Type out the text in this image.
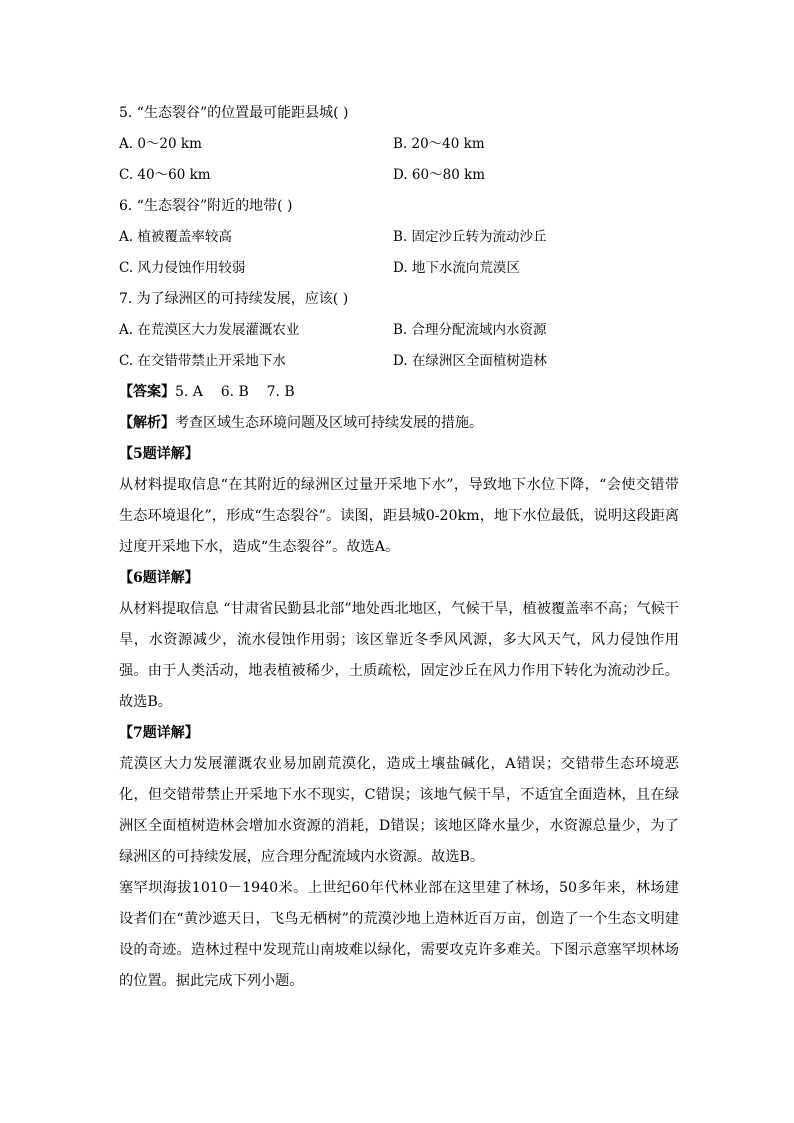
5. “生态裂谷”的位置最可能距县城( )
A. 0～20 km	B. 20～40 km
C. 40～60 km	D. 60～80 km
6. “生态裂谷”附近的地带( )
A. 植被覆盖率较高	B. 固定沙丘转为流动沙丘
C. 风力侵蚀作用较弱	D. 地下水流向荒漠区
7. 为了绿洲区的可持续发展，应该( )
A. 在荒漠区大力发展灌溉农业	B. 合理分配流域内水资源
C. 在交错带禁止开采地下水	D. 在绿洲区全面植树造林
【答案】5. A    6. B    7. B
【解析】考查区域生态环境问题及区域可持续发展的措施。
【5题详解】
从材料提取信息“在其附近的绿洲区过量开采地下水”，导致地下水位下降，“会使交错带生态环境退化”，形成“生态裂谷”。读图，距县城0-20km，地下水位最低，说明这段距离过度开采地下水，造成“生态裂谷”。故选A。
【6题详解】
从材料提取信息 “甘肃省民勤县北部”地处西北地区，气候干旱，植被覆盖率不高；气候干旱，水资源减少，流水侵蚀作用弱；该区靠近冬季风风源，多大风天气，风力侵蚀作用强。由于人类活动，地表植被稀少，土质疏松，固定沙丘在风力作用下转化为流动沙丘。故选B。
【7题详解】
荒漠区大力发展灌溉农业易加剧荒漠化，造成土壤盐碱化，A错误；交错带生态环境恶化，但交错带禁止开采地下水不现实，C错误；该地气候干旱，不适宜全面造林，且在绿洲区全面植树造林会增加水资源的消耗，D错误；该地区降水量少，水资源总量少，为了绿洲区的可持续发展，应合理分配流域内水资源。故选B。
塞罕坝海拔1010－1940米。上世纪60年代林业部在这里建了林场，50多年来，林场建设者们在“黄沙遮天日，飞鸟无栖树”的荒漠沙地上造林近百万亩，创造了一个生态文明建设的奇迹。造林过程中发现荒山南坡难以绿化，需要攻克许多难关。下图示意塞罕坝林场的位置。据此完成下列小题。
